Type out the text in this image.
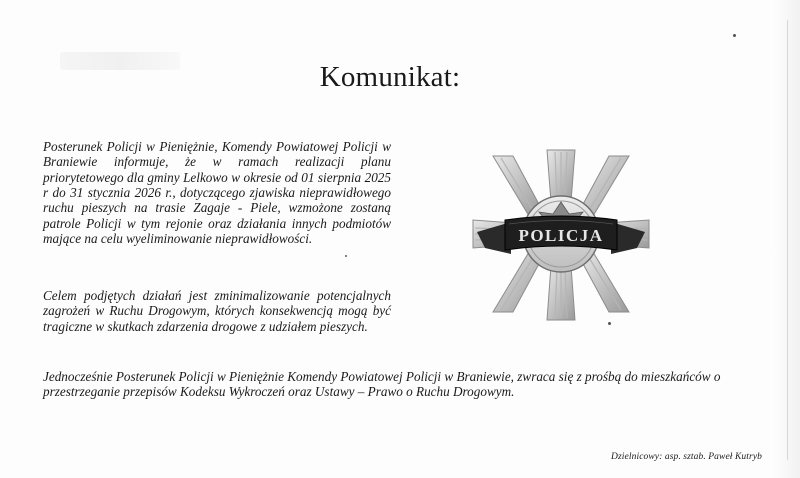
Komunikat:

Posterunek Policji w Pieniężnie, Komendy Powiatowej Policji w Braniewie informuje, że w ramach realizacji planu priorytetowego dla gminy Lelkowo w okresie od 01 sierpnia 2025 r do 31 stycznia 2026 r., dotyczącego zjawiska nieprawidłowego ruchu pieszych na trasie Zagaje - Piele, wzmożone zostaną patrole Policji w tym rejonie oraz działania innych podmiotów mające na celu wyeliminowanie nieprawidłowości.

Celem podjętych działań jest zminimalizowanie potencjalnych zagrożeń w Ruchu Drogowym, których konsekwencją mogą być tragiczne w skutkach zdarzenia drogowe z udziałem pieszych.

Jednocześnie Posterunek Policji w Pieniężnie Komendy Powiatowej Policji w Braniewie, zwraca się z prośbą do mieszkańców o przestrzeganie przepisów Kodeksu Wykroczeń oraz Ustawy – Prawo o Ruchu Drogowym.

POLICJA
Dzielnicowy: asp. sztab. Paweł Kutryb
